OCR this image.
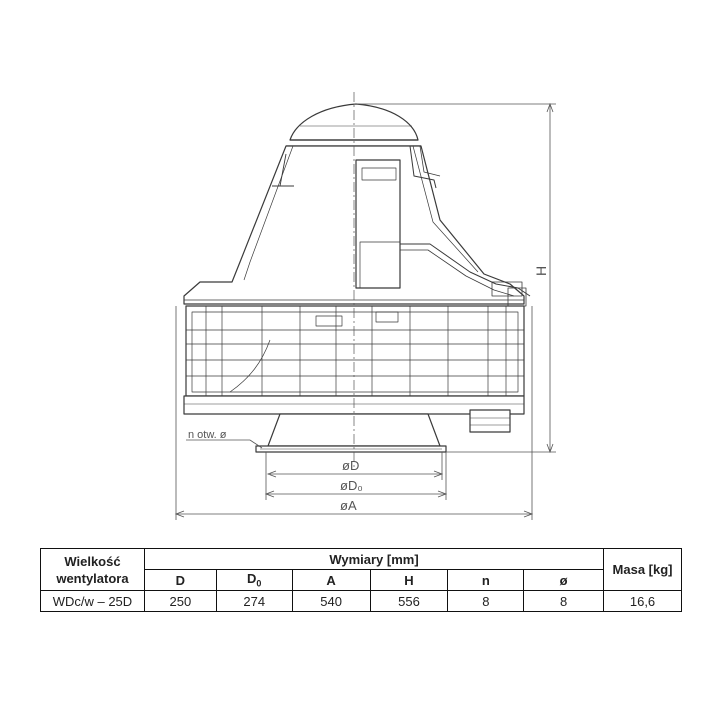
H
n otw. ø
øD
øD₀
øA
Wielkość wentylatora	Wymiary [mm]						Masa [kg]
	D	$D_0$	A	H	n	ø	
WDc/w – 25D	250	274	540	556	8	8	16,6
